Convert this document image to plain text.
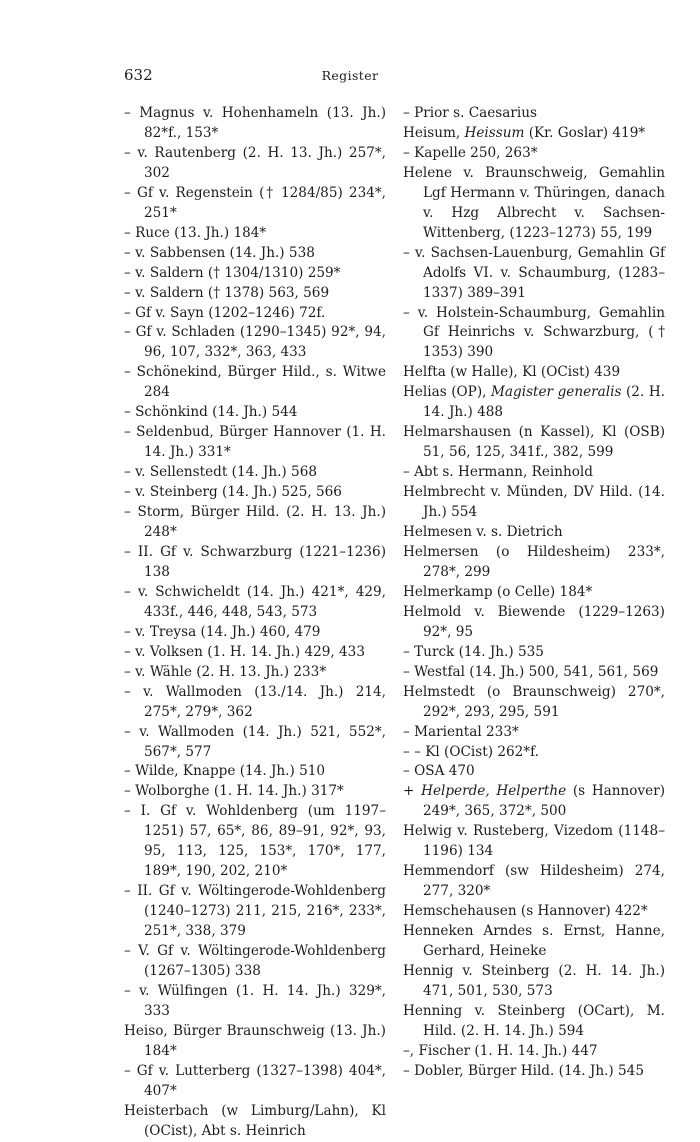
632	Register
– Magnus v. Hohenhameln (13. Jh.) 82*f., 153*
– v. Rautenberg (2. H. 13. Jh.) 257*, 302
– Gf v. Regenstein († 1284/85) 234*, 251*
– Ruce (13. Jh.) 184*
– v. Sabbensen (14. Jh.) 538
– v. Saldern († 1304/1310) 259*
– v. Saldern († 1378) 563, 569
– Gf v. Sayn (1202–1246) 72f.
– Gf v. Schladen (1290–1345) 92*, 94, 96, 107, 332*, 363, 433
– Schönekind, Bürger Hild., s. Witwe 284
– Schönkind (14. Jh.) 544
– Seldenbud, Bürger Hannover (1. H. 14. Jh.) 331*
– v. Sellenstedt (14. Jh.) 568
– v. Steinberg (14. Jh.) 525, 566
– Storm, Bürger Hild. (2. H. 13. Jh.) 248*
– II. Gf v. Schwarzburg (1221–1236) 138
– v. Schwicheldt (14. Jh.) 421*, 429, 433f., 446, 448, 543, 573
– v. Treysa (14. Jh.) 460, 479
– v. Volksen (1. H. 14. Jh.) 429, 433
– v. Wähle (2. H. 13. Jh.) 233*
– v. Wallmoden (13./14. Jh.) 214, 275*, 279*, 362
– v. Wallmoden (14. Jh.) 521, 552*, 567*, 577
– Wilde, Knappe (14. Jh.) 510
– Wolborghe (1. H. 14. Jh.) 317*
– I. Gf v. Wohldenberg (um 1197–1251) 57, 65*, 86, 89–91, 92*, 93, 95, 113, 125, 153*, 170*, 177, 189*, 190, 202, 210*
– II. Gf v. Wöltingerode-Wohldenberg (1240–1273) 211, 215, 216*, 233*, 251*, 338, 379
– V. Gf v. Wöltingerode-Wohldenberg (1267–1305) 338
– v. Wülfingen (1. H. 14. Jh.) 329*, 333
Heiso, Bürger Braunschweig (13. Jh.) 184*
– Gf v. Lutterberg (1327–1398) 404*, 407*
Heisterbach (w Limburg/Lahn), Kl (OCist), Abt s. Heinrich
– Prior s. Caesarius
Heisum, Heissum (Kr. Goslar) 419*
– Kapelle 250, 263*
Helene v. Braunschweig, Gemahlin Lgf Hermann v. Thüringen, danach v. Hzg Albrecht v. Sachsen-Wittenberg, (1223–1273) 55, 199
– v. Sachsen-Lauenburg, Gemahlin Gf Adolfs VI. v. Schaumburg, (1283–1337) 389–391
– v. Holstein-Schaumburg, Gemahlin Gf Heinrichs v. Schwarzburg, († 1353) 390
Helfta (w Halle), Kl (OCist) 439
Helias (OP), Magister generalis (2. H. 14. Jh.) 488
Helmarshausen (n Kassel), Kl (OSB) 51, 56, 125, 341f., 382, 599
– Abt s. Hermann, Reinhold
Helmbrecht v. Münden, DV Hild. (14. Jh.) 554
Helmesen v. s. Dietrich
Helmersen (o Hildesheim) 233*, 278*, 299
Helmerkamp (o Celle) 184*
Helmold v. Biewende (1229–1263) 92*, 95
– Turck (14. Jh.) 535
– Westfal (14. Jh.) 500, 541, 561, 569
Helmstedt (o Braunschweig) 270*, 292*, 293, 295, 591
– Mariental 233*
– – Kl (OCist) 262*f.
– OSA 470
+ Helperde, Helperthe (s Hannover) 249*, 365, 372*, 500
Helwig v. Rusteberg, Vizedom (1148–1196) 134
Hemmendorf (sw Hildesheim) 274, 277, 320*
Hemschehausen (s Hannover) 422*
Henneken Arndes s. Ernst, Hanne, Gerhard, Heineke
Hennig v. Steinberg (2. H. 14. Jh.) 471, 501, 530, 573
Henning v. Steinberg (OCart), M. Hild. (2. H. 14. Jh.) 594
–, Fischer (1. H. 14. Jh.) 447
– Dobler, Bürger Hild. (14. Jh.) 545
